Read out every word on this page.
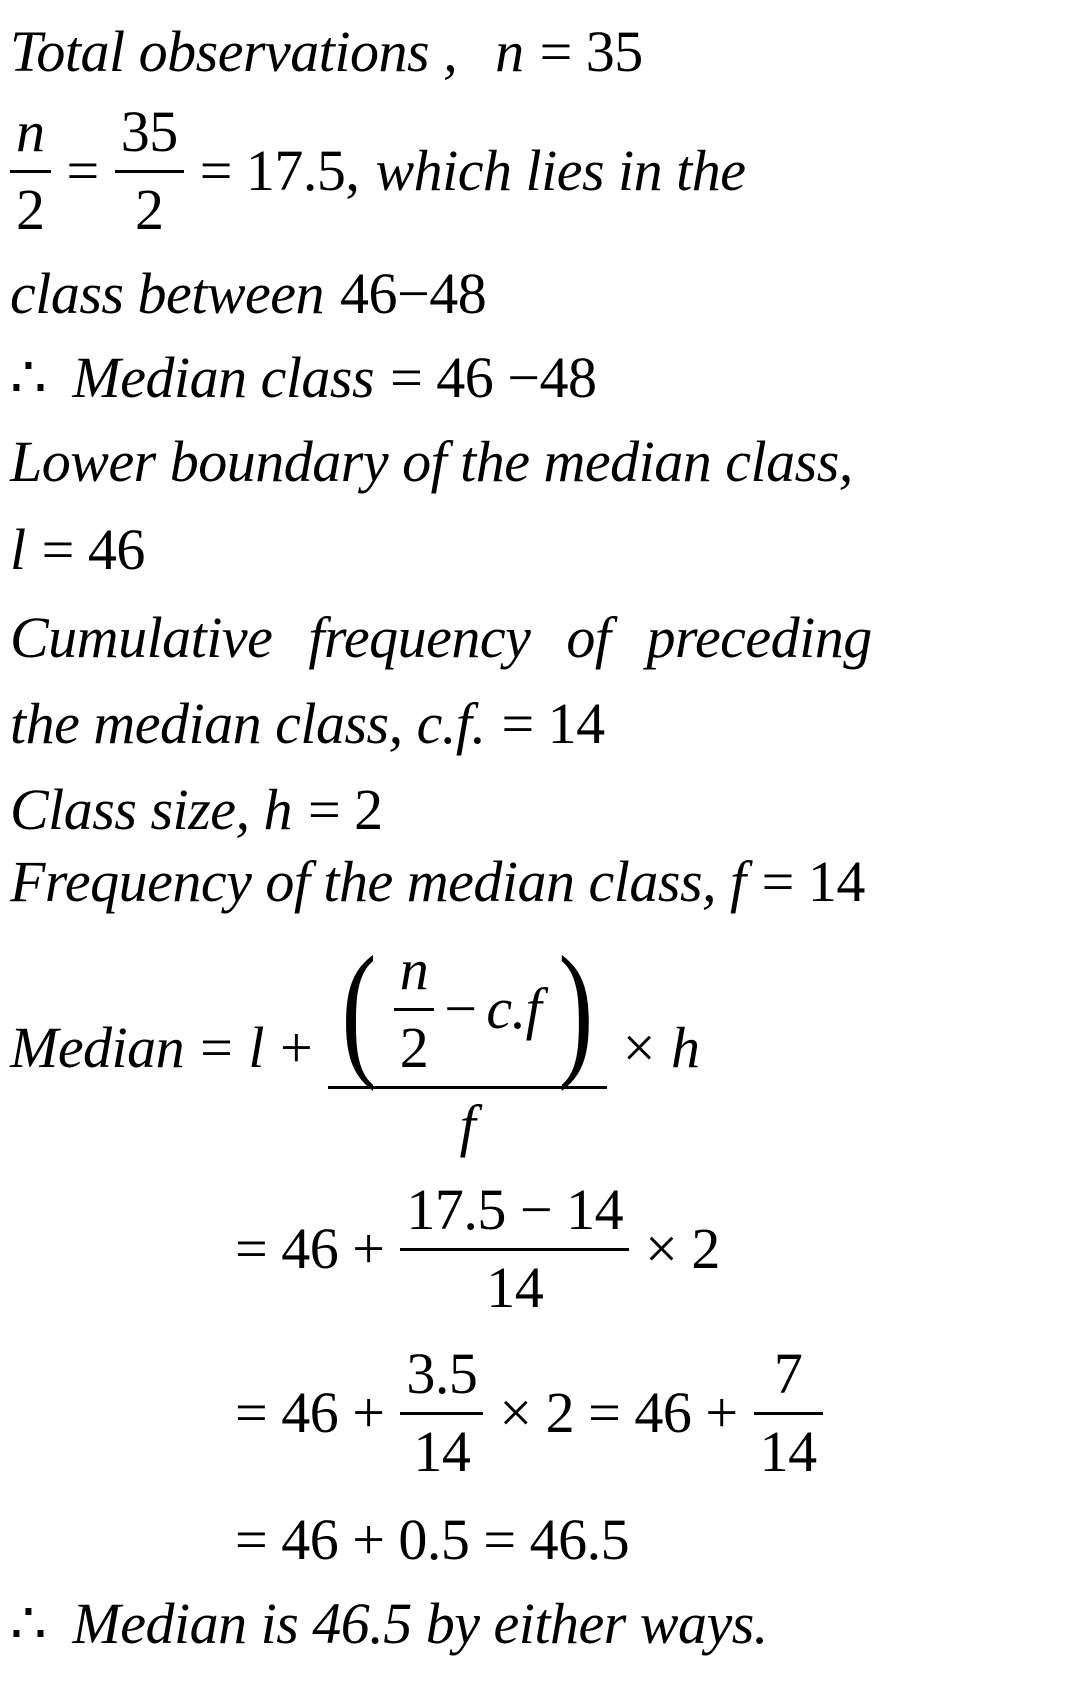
Total observations , n = 35
$\frac{n}{2} = \frac{35}{2} = 17.5$, which lies in the
class between 46−48
∴ Median class = 46 −48
Lower boundary of the median class,
l = 46
Cumulative frequency of preceding
the median class, c.f. = 14
Class size, h = 2
Frequency of the median class, f = 14
Median = l + ( $\frac{n}{2} - c.f$ )
f
× h
= $46 + \frac{17.5 - 14}{14} \times 2$
= $46 + \frac{3.5}{14} \times 2 = 46 + \frac{7}{14}$
= 46 + 0.5 = 46.5
∴ Median is 46.5 by either ways.
